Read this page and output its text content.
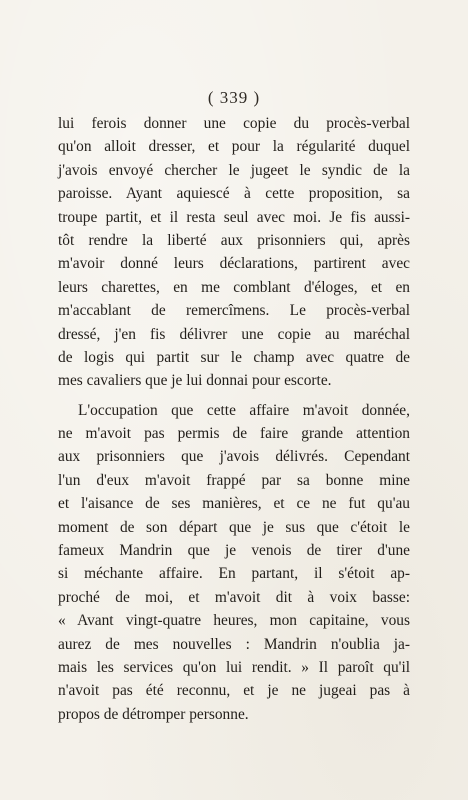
( 339 )
lui ferois donner une copie du procès-verbal
qu'on alloit dresser, et pour la régularité duquel
j'avois envoyé chercher le jugeet le syndic de la
paroisse. Ayant aquiescé à cette proposition, sa
troupe partit, et il resta seul avec moi. Je fis aussi-
tôt rendre la liberté aux prisonniers qui, après
m'avoir donné leurs déclarations, partirent avec
leurs charettes, en me comblant d'éloges, et en
m'accablant de remercîmens. Le procès-verbal
dressé, j'en fis délivrer une copie au maréchal
de logis qui partit sur le champ avec quatre de
mes cavaliers que je lui donnai pour escorte.
L'occupation que cette affaire m'avoit donnée,
ne m'avoit pas permis de faire grande attention
aux prisonniers que j'avois délivrés. Cependant
l'un d'eux m'avoit frappé par sa bonne mine
et l'aisance de ses manières, et ce ne fut qu'au
moment de son départ que je sus que c'étoit le
fameux Mandrin que je venois de tirer d'une
si méchante affaire. En partant, il s'étoit ap-
proché de moi, et m'avoit dit à voix basse:
« Avant vingt-quatre heures, mon capitaine, vous
aurez de mes nouvelles : Mandrin n'oublia ja-
mais les services qu'on lui rendit. » Il paroît qu'il
n'avoit pas été reconnu, et je ne jugeai pas à
propos de détromper personne.
